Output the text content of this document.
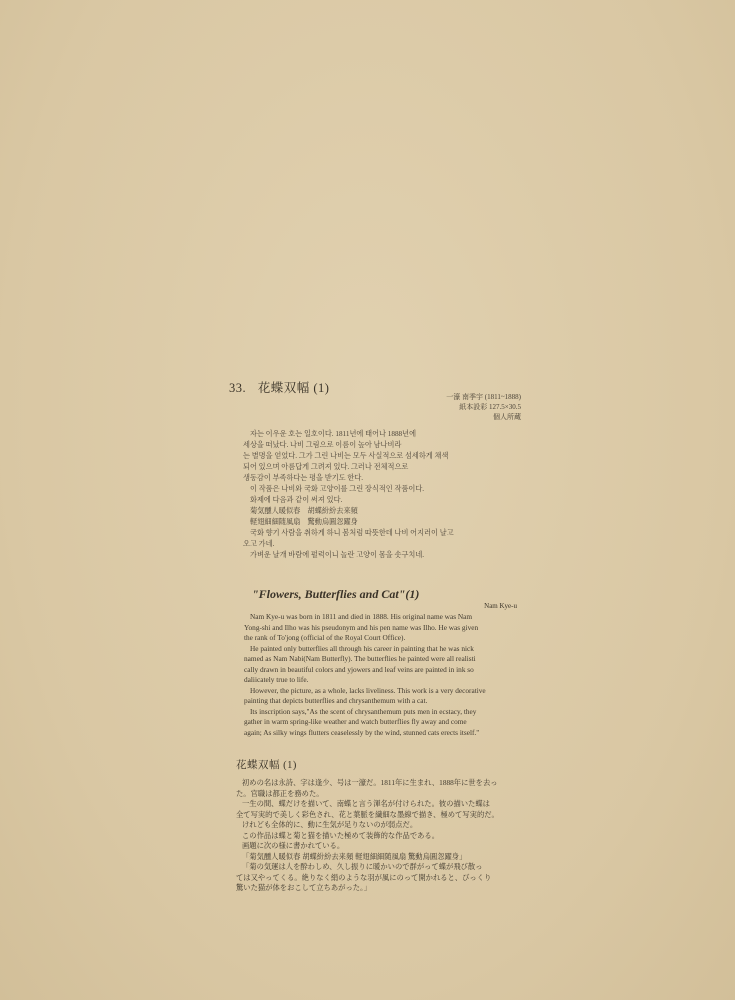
33. 花蝶双幅 (1)
一濠 南季宇 (1811~1888)
紙本設彩 127.5×30.5
個人所蔵

자는 이우운 호는 일호이다. 1811년에 태어나 1888년에

세상을 떠났다. 나비 그림으로 이름이 높아 남나비라

는 별명을 얻었다. 그가 그린 나비는 모두 사실적으로 섬세하게 채색

되어 있으며 아름답게 그려져 있다. 그러나 전체적으로

생동감이 부족하다는 평을 받기도 한다.

이 작품은 나비와 국화 고양이를 그린 장식적인 작품이다.

화제에 다음과 같이 써져 있다.

菊気醺人暖似春　胡蝶紛紛去来頻

軽翅細細随風扇　驚動烏圓忽躍身

국화 향기 사람을 취하게 하니 봄처럼 따뜻한데 나비 어지러이 날고

오고 가네.

가벼운 날개 바람에 펄럭이니 놀란 고양이 몸을 솟구치네.

"Flowers, Butterflies and Cat"(1)
Nam Kye-u

Nam Kye-u was born in 1811 and died in 1888. His original name was Nam

Yong-shi and Ilho was his pseudonym and his pen name was Ilho. He was given

the rank of To'jong (official of the Royal Court Office).

He painted only butterflies all through his career in painting that he was nick

named as Nam Nabi(Nam Butterfly). The butterflies he painted were all realisti

cally drawn in beautiful colors and yjowers and leaf veins are painted in ink so

daliicately true to life.

However, the picture, as a whole, lacks liveliness. This work is a very decorative

painting that depicts butterflies and chrysanthemum with a cat.

Its inscription says,"As the scent of chrysanthemum puts men in ecstacy, they

gather in warm spring-like weather and watch butterflies fly away and come

again; As silky wings flutters ceaselessly by the wind, stunned cats erects itself."

花蝶双幅 (1)

初めの名は永詩、字は逢少、号は一濠だ。1811年に生まれ、1888年に世を去っ

た。官職は都正を務めた。

一生の間、蝶だけを描いて、南蝶と言う渾名が付けられた。彼の描いた蝶は

全て写実的で美しく彩色され、花と葉脈を繊細な墨線で描き、極めて写実的だ。

けれども全体的に、動に生気が足りないのが弱点だ。

この作品は蝶と菊と猫を描いた極めて装飾的な作品である。

画題に次の様に書かれている。

「菊気醺人暖似春 胡蝶紛紛去来頻 軽翅細細随風扇 驚動烏圓忽躍身」

「菊の気運は人を酔わしめ、久し振りに暖かいので群がって蝶が飛び散っ

ては又やってくる。絶りなく絹のような羽が風にのって開かれると、びっくり

驚いた猫が体をおこして立ちあがった。」
